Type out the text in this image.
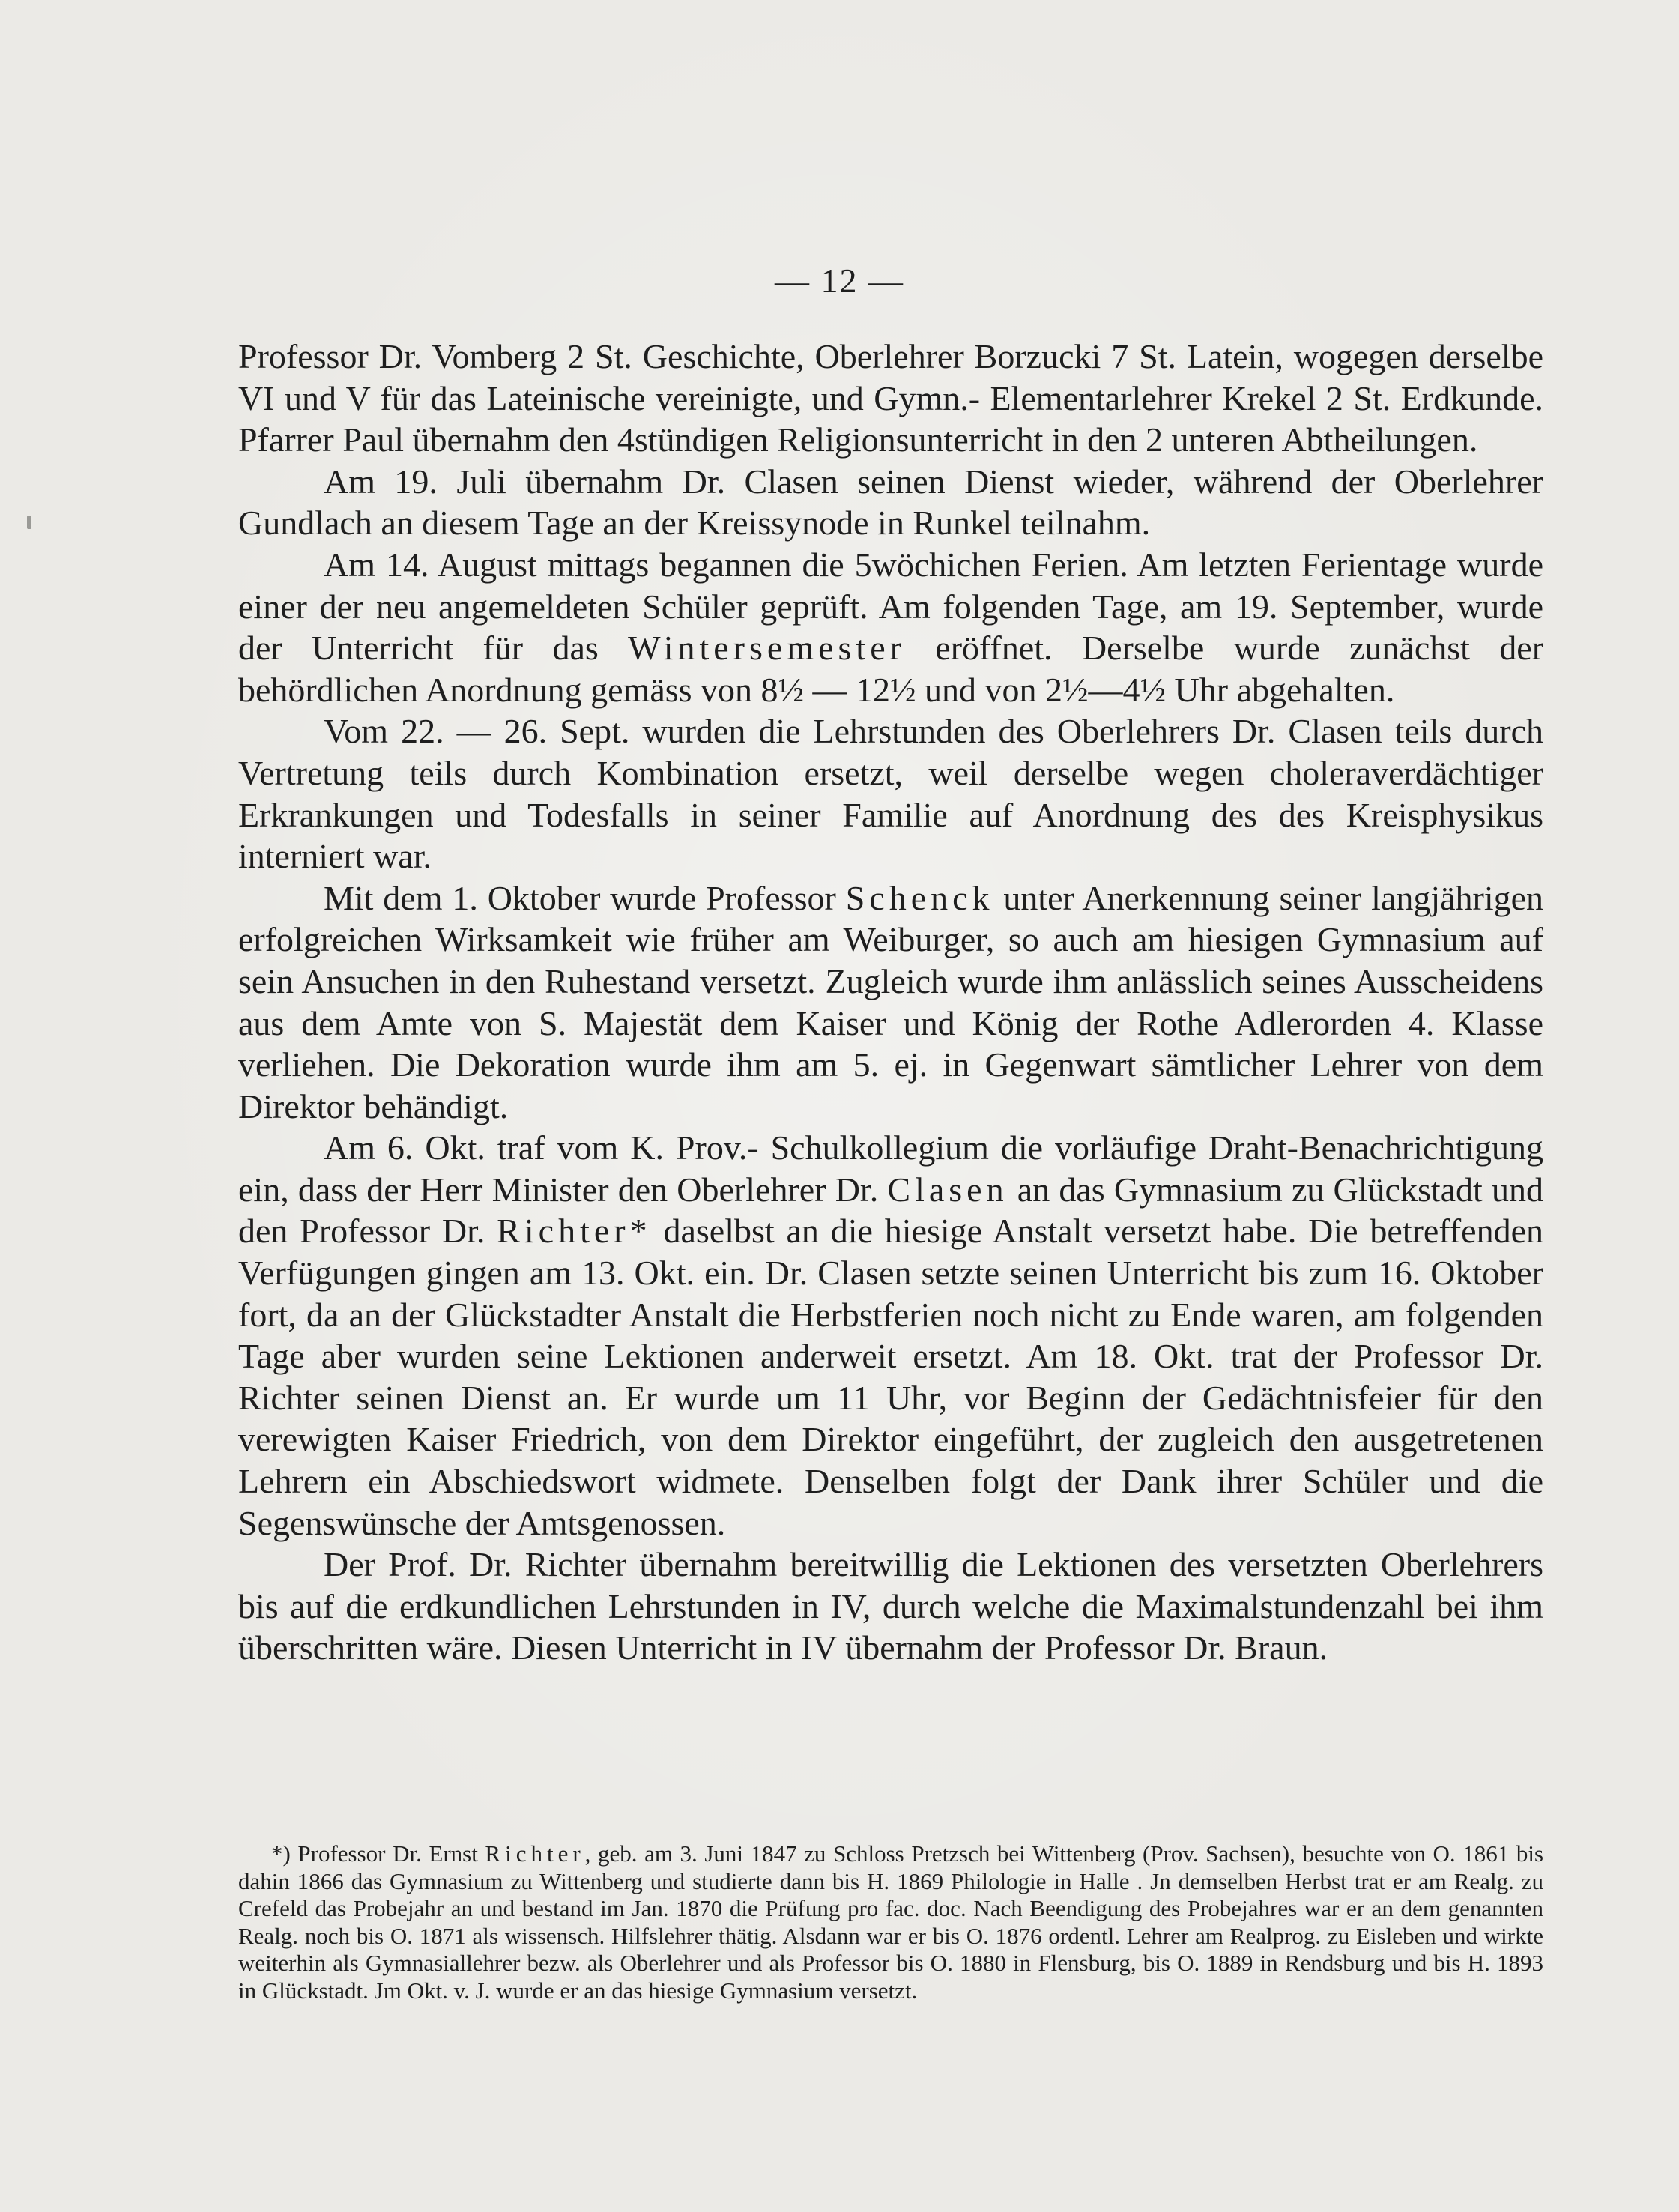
— 12 —

Professor Dr. Vomberg 2 St. Geschichte, Oberlehrer Borzucki 7 St. Latein, wogegen derselbe VI und V für das Lateinische vereinigte, und Gymn.- Elementarlehrer Krekel 2 St. Erdkunde. Pfarrer Paul übernahm den 4stündigen Religionsunterricht in den 2 unteren Abtheilungen.

Am 19. Juli übernahm Dr. Clasen seinen Dienst wieder, während der Oberlehrer Gundlach an diesem Tage an der Kreissynode in Runkel teilnahm.

Am 14. August mittags begannen die 5wöchichen Ferien. Am letzten Ferientage wurde einer der neu angemeldeten Schüler geprüft. Am folgenden Tage, am 19. September, wurde der Unterricht für das Wintersemester eröffnet. Derselbe wurde zunächst der behördlichen Anordnung gemäss von 8½ — 12½ und von 2½—4½ Uhr abgehalten.

Vom 22. — 26. Sept. wurden die Lehrstunden des Oberlehrers Dr. Clasen teils durch Vertretung teils durch Kombination ersetzt, weil derselbe wegen choleraverdächtiger Erkrankungen und Todesfalls in seiner Familie auf Anordnung des des Kreisphysikus interniert war.

Mit dem 1. Oktober wurde Professor Schenck unter Anerkennung seiner langjährigen erfolgreichen Wirksamkeit wie früher am Weiburger, so auch am hiesigen Gymnasium auf sein Ansuchen in den Ruhestand versetzt. Zugleich wurde ihm anlässlich seines Ausscheidens aus dem Amte von S. Majestät dem Kaiser und König der Rothe Adlerorden 4. Klasse verliehen. Die Dekoration wurde ihm am 5. ej. in Gegenwart sämtlicher Lehrer von dem Direktor behändigt.

Am 6. Okt. traf vom K. Prov.- Schulkollegium die vorläufige Draht-Benachrichtigung ein, dass der Herr Minister den Oberlehrer Dr. Clasen an das Gymnasium zu Glückstadt und den Professor Dr. Richter* daselbst an die hiesige Anstalt versetzt habe. Die betreffenden Verfügungen gingen am 13. Okt. ein. Dr. Clasen setzte seinen Unterricht bis zum 16. Oktober fort, da an der Glückstadter Anstalt die Herbstferien noch nicht zu Ende waren, am folgenden Tage aber wurden seine Lektionen anderweit ersetzt. Am 18. Okt. trat der Professor Dr. Richter seinen Dienst an. Er wurde um 11 Uhr, vor Beginn der Gedächtnisfeier für den verewigten Kaiser Friedrich, von dem Direktor eingeführt, der zugleich den ausgetretenen Lehrern ein Abschiedswort widmete. Denselben folgt der Dank ihrer Schüler und die Segenswünsche der Amtsgenossen.

Der Prof. Dr. Richter übernahm bereitwillig die Lektionen des versetzten Oberlehrers bis auf die erdkundlichen Lehrstunden in IV, durch welche die Maximalstundenzahl bei ihm überschritten wäre. Diesen Unterricht in IV übernahm der Professor Dr. Braun.

*) Professor Dr. Ernst Richter, geb. am 3. Juni 1847 zu Schloss Pretzsch bei Wittenberg (Prov. Sachsen), besuchte von O. 1861 bis dahin 1866 das Gymnasium zu Wittenberg und studierte dann bis H. 1869 Philologie in Halle . Jn demselben Herbst trat er am Realg. zu Crefeld das Probejahr an und bestand im Jan. 1870 die Prüfung pro fac. doc. Nach Beendigung des Probejahres war er an dem genannten Realg. noch bis O. 1871 als wissensch. Hilfslehrer thätig. Alsdann war er bis O. 1876 ordentl. Lehrer am Realprog. zu Eisleben und wirkte weiterhin als Gymnasiallehrer bezw. als Oberlehrer und als Professor bis O. 1880 in Flensburg, bis O. 1889 in Rendsburg und bis H. 1893 in Glückstadt. Jm Okt. v. J. wurde er an das hiesige Gymnasium versetzt.
